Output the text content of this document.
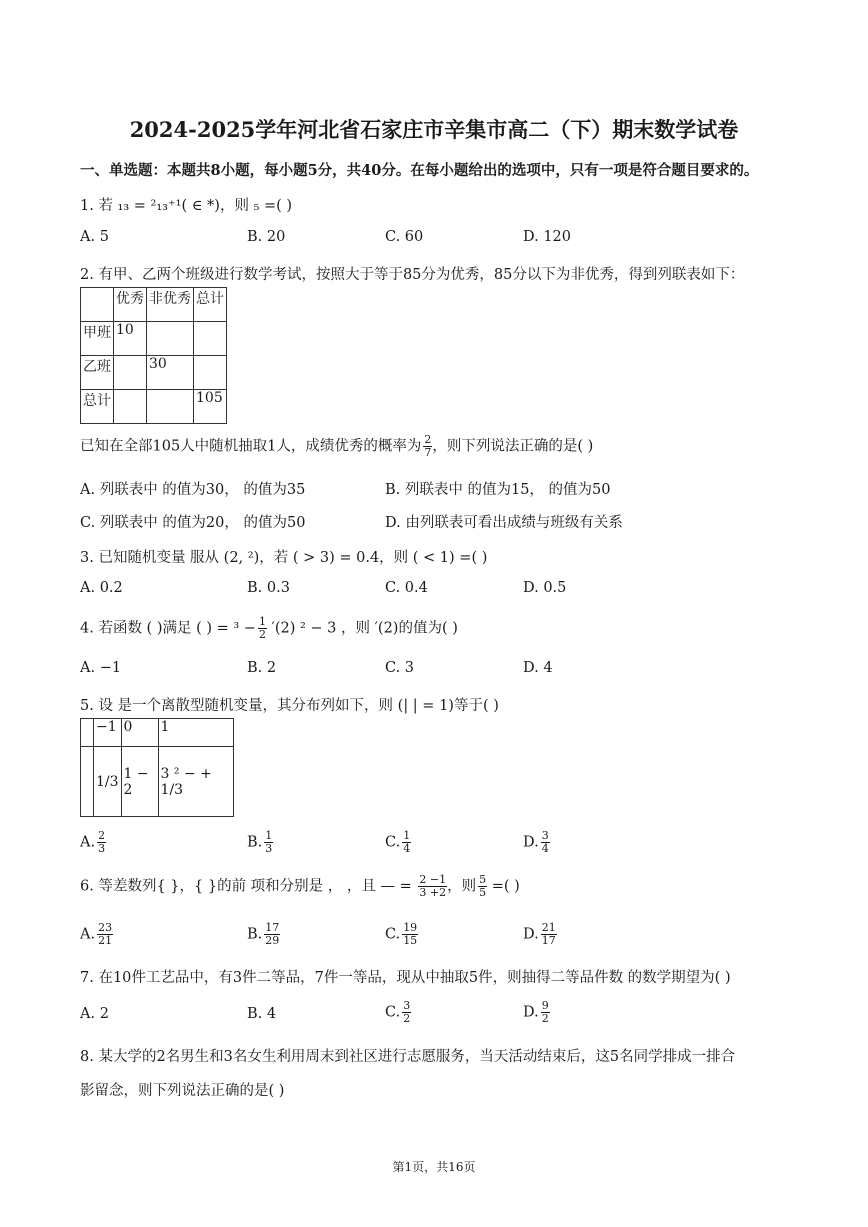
2024-2025学年河北省石家庄市辛集市高二（下）期末数学试卷
一、单选题：本题共8小题，每小题5分，共40分。在每小题给出的选项中，只有一项是符合题目要求的。
1. 若 ₁₃ = ²₁₃⁺¹( ∈ *)，则 ₅ =( )
A. 5	B. 20	C. 60	D. 120
2. 有甲、乙两个班级进行数学考试，按照大于等于85分为优秀，85分以下为非优秀，得到列联表如下：
	优秀	非优秀	总计
甲班	10		
乙班		30	
总计			105
已知在全部105人中随机抽取1人，成绩优秀的概率为 $\frac{2}{7}$ ，则下列说法正确的是( )
A. 列联表中 的值为30， 的值为35	B. 列联表中 的值为15， 的值为50
C. 列联表中 的值为20， 的值为50	D. 由列联表可看出成绩与班级有关系
3. 已知随机变量 服从 (2, ²)，若 ( > 3) = 0.4，则 ( < 1) =( )
A. 0.2	B. 0.3	C. 0.4	D. 0.5
4. 若函数 ( )满足 ( ) = $^3 - \frac{1}{2} '(2) ^2 - 3$ ，则 ′(2)的值为( )
A. −1	B. 2	C. 3	D. 4
5. 设 是一个离散型随机变量，其分布列如下，则 (| | = 1)等于( )
	−1	0	1
	1/3	1 − 2	3 ² − + 1/3
A. $\frac{2}{3}$	B. $\frac{1}{3}$	C. $\frac{1}{4}$	D. $\frac{3}{4}$
6. 等差数列{ }，{ }的前 项和分别是 ， ，且 — = $\frac{2 -1}{3 +2}$ ，则 $\frac{5}{5}$ =( )
A. $\frac{23}{21}$	B. $\frac{17}{29}$	C. $\frac{19}{15}$	D. $\frac{21}{17}$
7. 在10件工艺品中，有3件二等品，7件一等品，现从中抽取5件，则抽得二等品件数 的数学期望为( )
A. 2	B. 4	C. $\frac{3}{2}$	D. $\frac{9}{2}$
8. 某大学的2名男生和3名女生利用周末到社区进行志愿服务，当天活动结束后，这5名同学排成一排合
影留念，则下列说法正确的是( )
第1页，共16页
